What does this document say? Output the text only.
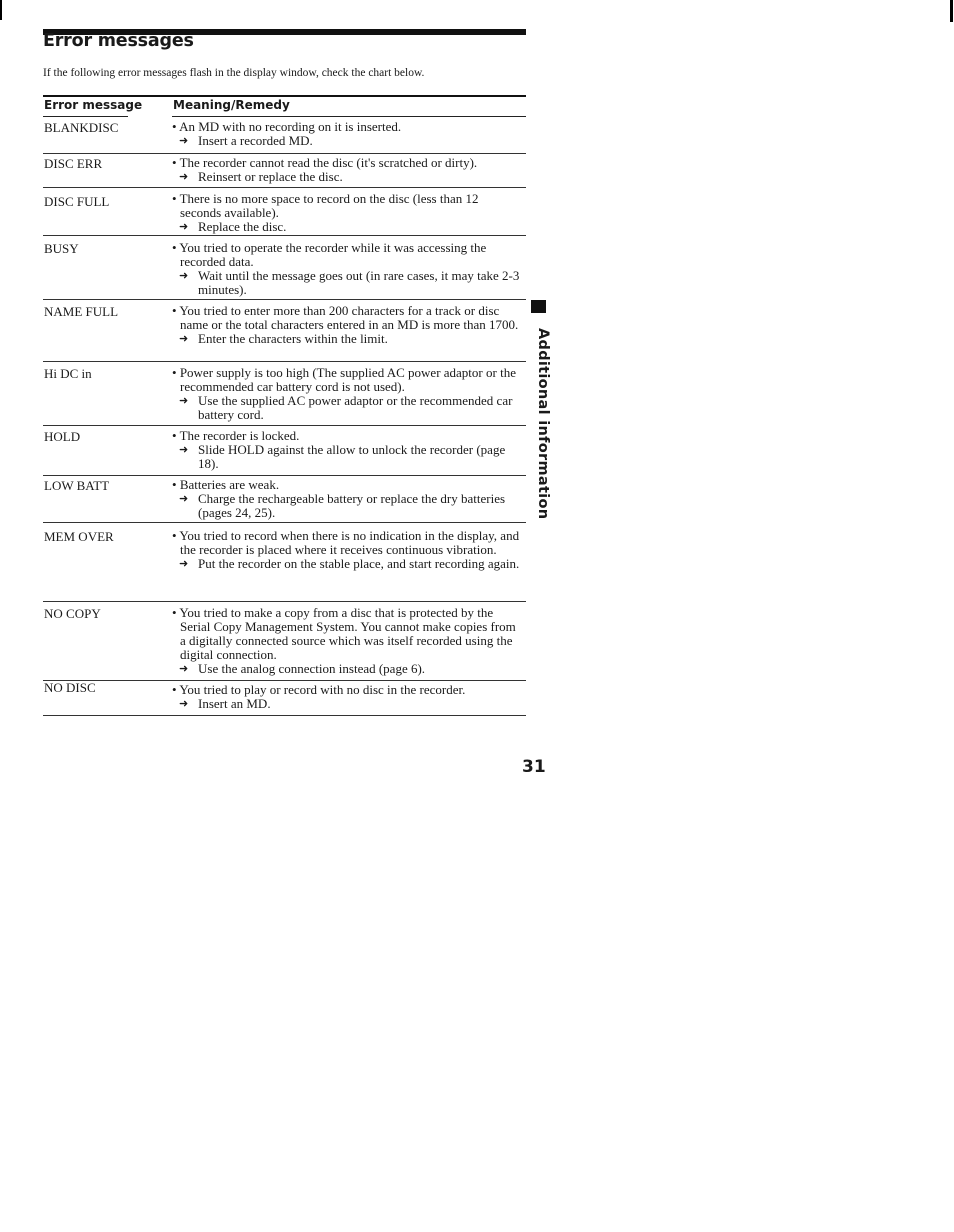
Error messages
If the following error messages flash in the display window, check the chart below.
Error message	Meaning/Remedy
BLANKDISC	• An MD with no recording on it is inserted.

➜ Insert a recorded MD.

DISC ERR	• The recorder cannot read the disc (it's scratched or dirty).

➜ Reinsert or replace the disc.

DISC FULL	• There is no more space to record on the disc (less than 12 seconds available).

➜ Replace the disc.

BUSY	• You tried to operate the recorder while it was accessing the recorded data.

➜ Wait until the message goes out (in rare cases, it may take 2-3 minutes).

NAME FULL	• You tried to enter more than 200 characters for a track or disc name or the total characters entered in an MD is more than 1700.

➜ Enter the characters within the limit.

Hi DC in	• Power supply is too high (The supplied AC power adaptor or the recommended car battery cord is not used).

➜ Use the supplied AC power adaptor or the recommended car battery cord.

HOLD	• The recorder is locked.

➜ Slide HOLD against the allow to unlock the recorder (page 18).

LOW BATT	• Batteries are weak.

➜ Charge the rechargeable battery or replace the dry batteries (pages 24, 25).

MEM OVER	• You tried to record when there is no indication in the display, and the recorder is placed where it receives continuous vibration.

➜ Put the recorder on the stable place, and start recording again.

NO COPY	• You tried to make a copy from a disc that is protected by the Serial Copy Management System. You cannot make copies from a digitally connected source which was itself recorded using the digital connection.

➜ Use the analog connection instead (page 6).

NO DISC	• You tried to play or record with no disc in the recorder.

➜ Insert an MD.

Additional information
31
